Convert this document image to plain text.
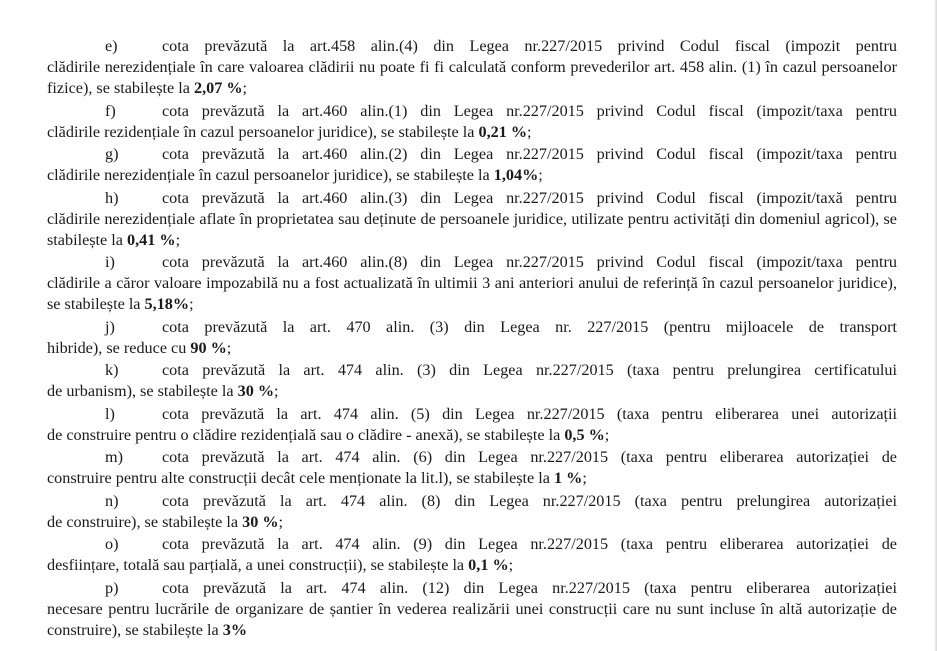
e)	cota prevăzută la art.458 alin.(4) din Legea nr.227/2015 privind Codul fiscal (impozit pentru
clădirile nerezidențiale în care valoarea clădirii nu poate fi fi calculată conform prevederilor art. 458 alin. (1) în cazul persoanelor fizice), se stabilește la 2,07 %;
f)	cota prevăzută la art.460 alin.(1) din Legea nr.227/2015 privind Codul fiscal (impozit/taxa pentru
clădirile rezidențiale în cazul persoanelor juridice), se stabilește la 0,21 %;
g)	cota prevăzută la art.460 alin.(2) din Legea nr.227/2015 privind Codul fiscal (impozit/taxa pentru
clădirile nerezidențiale în cazul persoanelor juridice), se stabilește la 1,04%;
h)	cota prevăzută la art.460 alin.(3) din Legea nr.227/2015 privind Codul fiscal (impozit/taxă pentru
clădirile nerezidențiale aflate în proprietatea sau deținute de persoanele juridice, utilizate pentru activități din domeniul agricol), se stabilește la 0,41 %;
i)	cota prevăzută la art.460 alin.(8) din Legea nr.227/2015 privind Codul fiscal (impozit/taxa pentru
clădirile a căror valoare impozabilă nu a fost actualizată în ultimii 3 ani anteriori anului de referință în cazul persoanelor juridice), se stabilește la 5,18%;
j)	cota prevăzută la art. 470 alin. (3) din Legea nr. 227/2015 (pentru mijloacele de transport
hibride), se reduce cu 90 %;
k)	cota prevăzută la art. 474 alin. (3) din Legea nr.227/2015 (taxa pentru prelungirea certificatului
de urbanism), se stabilește la 30 %;
l)	cota prevăzută la art. 474 alin. (5) din Legea nr.227/2015 (taxa pentru eliberarea unei autorizații
de construire pentru o clădire rezidențială sau o clădire - anexă), se stabilește la 0,5 %;
m) cota prevăzută la art. 474 alin. (6) din Legea nr.227/2015 (taxa pentru eliberarea autorizației de
construire pentru alte construcții decât cele menționate la lit.l), se stabilește la 1 %;
n)	cota prevăzută la art. 474 alin. (8) din Legea nr.227/2015 (taxa pentru prelungirea autorizației
de construire), se stabilește la 30 %;
o)	cota prevăzută la art. 474 alin. (9) din Legea nr.227/2015 (taxa pentru eliberarea autorizației de
desființare, totală sau parțială, a unei construcții), se stabilește la 0,1 %;
p)	cota prevăzută la art. 474 alin. (12) din Legea nr.227/2015 (taxa pentru eliberarea autorizației
necesare pentru lucrările de organizare de șantier în vederea realizării unei construcții care nu sunt incluse în altă autorizație de construire), se stabilește la 3%
